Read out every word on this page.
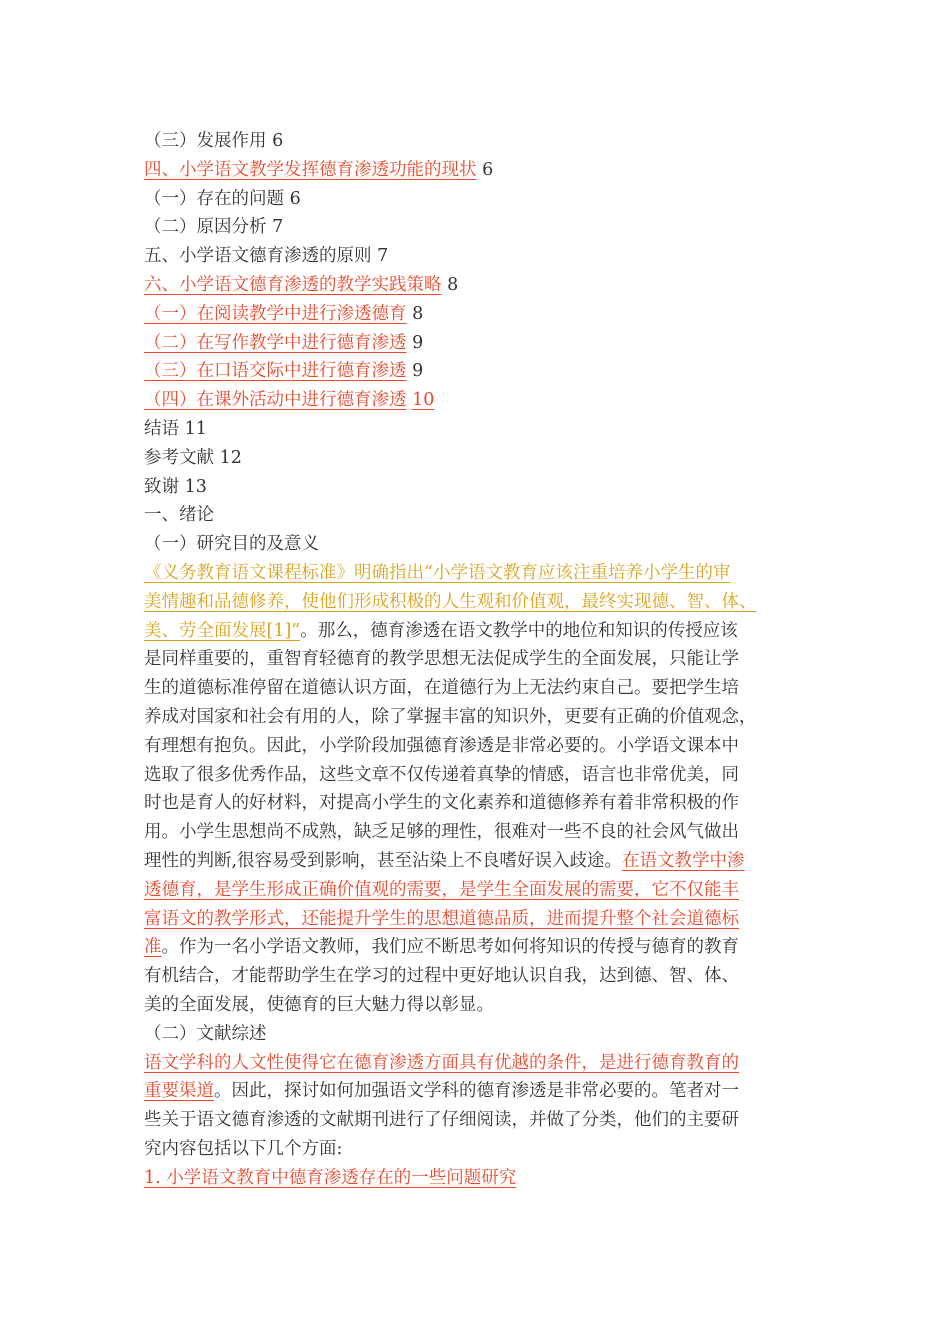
（三）发展作用 6
四、小学语文教学发挥德育渗透功能的现状 6
（一）存在的问题 6
（二）原因分析 7
五、小学语文德育渗透的原则 7
六、小学语文德育渗透的教学实践策略 8
（一）在阅读教学中进行渗透德育 8
（二）在写作教学中进行德育渗透 9
（三）在口语交际中进行德育渗透 9
（四）在课外活动中进行德育渗透 10
结语 11
参考文献 12
致谢 13
一、绪论
（一）研究目的及意义
《义务教育语文课程标准》明确指出“小学语文教育应该注重培养小学生的审
美情趣和品德修养，使他们形成积极的人生观和价值观，最终实现德、智、体、
美、劳全面发展[1]”。那么，德育渗透在语文教学中的地位和知识的传授应该
是同样重要的，重智育轻德育的教学思想无法促成学生的全面发展，只能让学
生的道德标准停留在道德认识方面，在道德行为上无法约束自己。要把学生培
养成对国家和社会有用的人，除了掌握丰富的知识外，更要有正确的价值观念，
有理想有抱负。因此，小学阶段加强德育渗透是非常必要的。小学语文课本中
选取了很多优秀作品，这些文章不仅传递着真挚的情感，语言也非常优美，同
时也是育人的好材料，对提高小学生的文化素养和道德修养有着非常积极的作
用。小学生思想尚不成熟，缺乏足够的理性，很难对一些不良的社会风气做出
理性的判断,很容易受到影响，甚至沾染上不良嗜好误入歧途。在语文教学中渗
透德育，是学生形成正确价值观的需要，是学生全面发展的需要，它不仅能丰
富语文的教学形式，还能提升学生的思想道德品质，进而提升整个社会道德标
准。作为一名小学语文教师，我们应不断思考如何将知识的传授与德育的教育
有机结合，才能帮助学生在学习的过程中更好地认识自我，达到德、智、体、
美的全面发展，使德育的巨大魅力得以彰显。
（二）文献综述
语文学科的人文性使得它在德育渗透方面具有优越的条件，是进行德育教育的
重要渠道。因此，探讨如何加强语文学科的德育渗透是非常必要的。笔者对一
些关于语文德育渗透的文献期刊进行了仔细阅读，并做了分类，他们的主要研
究内容包括以下几个方面:
1. 小学语文教育中德育渗透存在的一些问题研究
